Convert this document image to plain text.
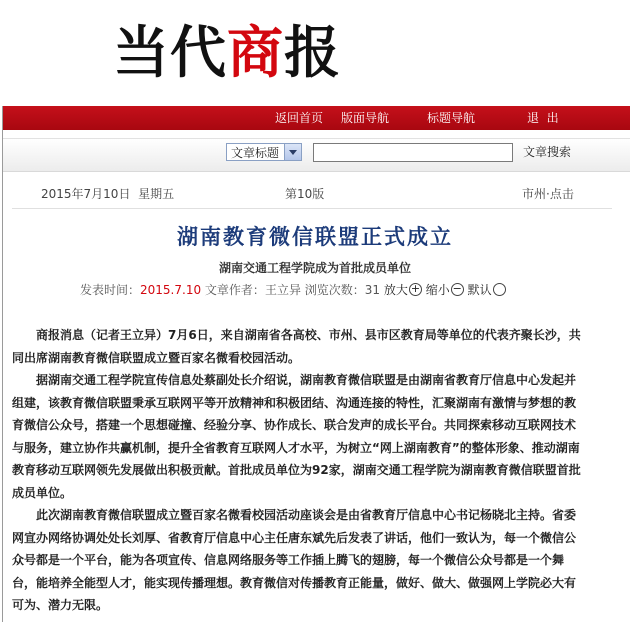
当代商报
返回首页 版面导航	标题导航	退  出
文章标题	文章搜索
2015年7月10日  星期五	第10版	市州·点击
湖南教育微信联盟正式成立
湖南交通工程学院成为首批成员单位
发表时间：2015.7.10 文章作者：王立异 浏览次数：31 放大 + 缩小 − 默认

商报消息（记者王立异）7月6日，来自湖南省各高校、市州、县市区教育局等单位的代表齐聚长沙，共同出席湖南教育微信联盟成立暨百家名微看校园活动。

据湖南交通工程学院宣传信息处蔡副处长介绍说，湖南教育微信联盟是由湖南省教育厅信息中心发起并组建，该教育微信联盟秉承互联网平等开放精神和积极团结、沟通连接的特性，汇聚湖南有激情与梦想的教育微信公众号，搭建一个思想碰撞、经验分享、协作成长、联合发声的成长平台。共同探索移动互联网技术与服务，建立协作共赢机制，提升全省教育互联网人才水平，为树立“网上湖南教育”的整体形象、推动湖南教育移动互联网领先发展做出积极贡献。首批成员单位为92家，湖南交通工程学院为湖南教育微信联盟首批成员单位。

此次湖南教育微信联盟成立暨百家名微看校园活动座谈会是由省教育厅信息中心书记杨晓北主持。省委网宣办网络协调处处长刘厚、省教育厅信息中心主任唐东斌先后发表了讲话，他们一致认为，每一个微信公众号都是一个平台，能为各项宣传、信息网络服务等工作插上腾飞的翅膀，每一个微信公众号都是一个舞台，能培养全能型人才，能实现传播理想。教育微信对传播教育正能量，做好、做大、做强网上学院必大有可为、潜力无限。
